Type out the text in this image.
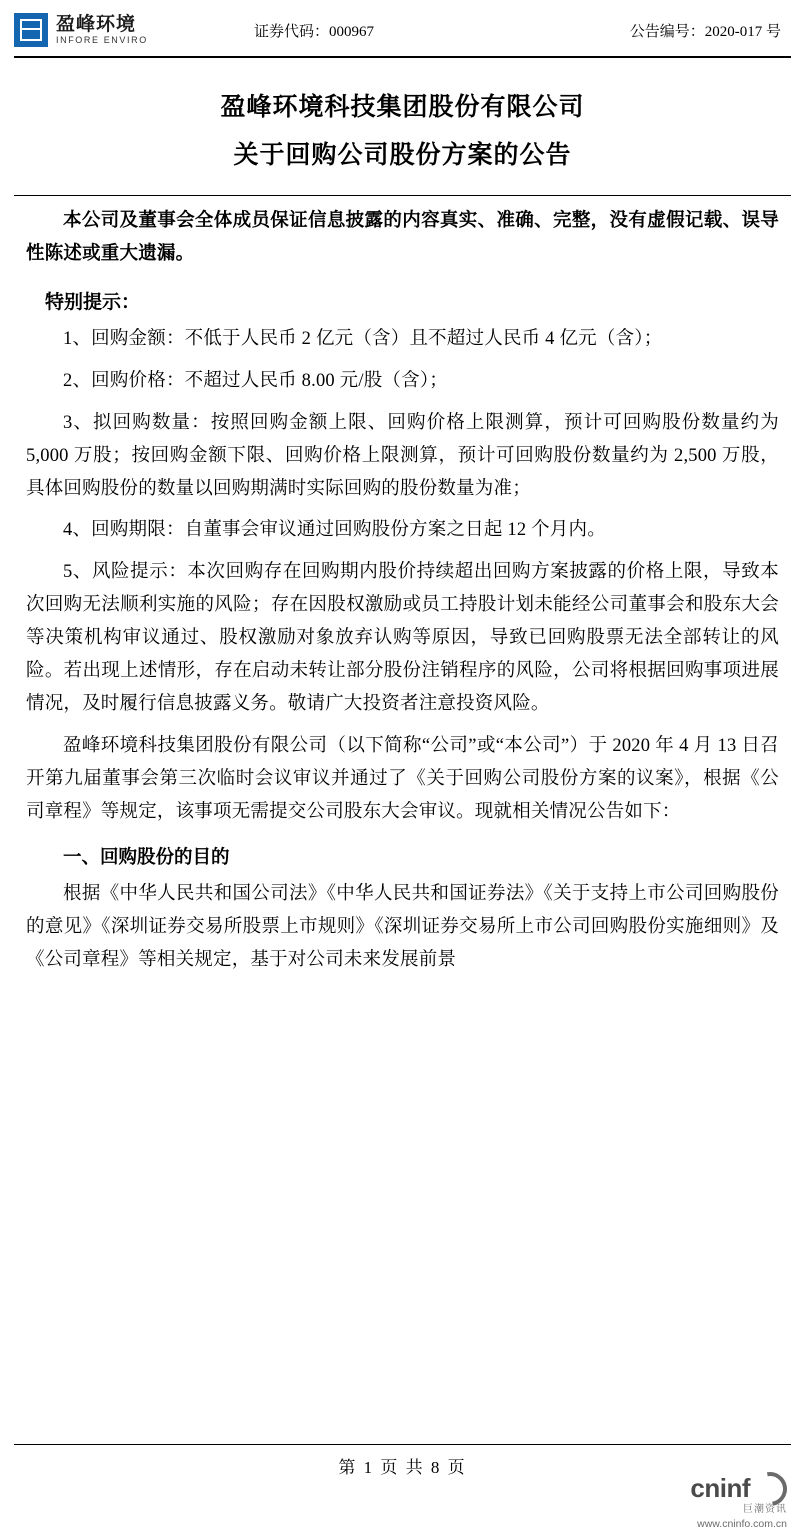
盈峰环境
INFORE ENVIRO
证券代码：000967	公告编号：2020-017 号
盈峰环境科技集团股份有限公司
关于回购公司股份方案的公告

本公司及董事会全体成员保证信息披露的内容真实、准确、完整，没有虚假记载、误导性陈述或重大遗漏。

特别提示：

1、回购金额：不低于人民币 2 亿元（含）且不超过人民币 4 亿元（含）；

2、回购价格：不超过人民币 8.00 元/股（含）；

3、拟回购数量：按照回购金额上限、回购价格上限测算，预计可回购股份数量约为 5,000 万股；按回购金额下限、回购价格上限测算，预计可回购股份数量约为 2,500 万股，具体回购股份的数量以回购期满时实际回购的股份数量为准；

4、回购期限：自董事会审议通过回购股份方案之日起 12 个月内。

5、风险提示：本次回购存在回购期内股价持续超出回购方案披露的价格上限，导致本次回购无法顺利实施的风险；存在因股权激励或员工持股计划未能经公司董事会和股东大会等决策机构审议通过、股权激励对象放弃认购等原因，导致已回购股票无法全部转让的风险。若出现上述情形，存在启动未转让部分股份注销程序的风险，公司将根据回购事项进展情况，及时履行信息披露义务。敬请广大投资者注意投资风险。

盈峰环境科技集团股份有限公司（以下简称“公司”或“本公司”）于 2020 年 4 月 13 日召开第九届董事会第三次临时会议审议并通过了《关于回购公司股份方案的议案》，根据《公司章程》等规定，该事项无需提交公司股东大会审议。现就相关情况公告如下：

一、回购股份的目的

根据《中华人民共和国公司法》《中华人民共和国证券法》《关于支持上市公司回购股份的意见》《深圳证券交易所股票上市规则》《深圳证券交易所上市公司回购股份实施细则》及《公司章程》等相关规定，基于对公司未来发展前景

第 1 页 共 8 页
cninf
巨潮资讯
www.cninfo.com.cn
